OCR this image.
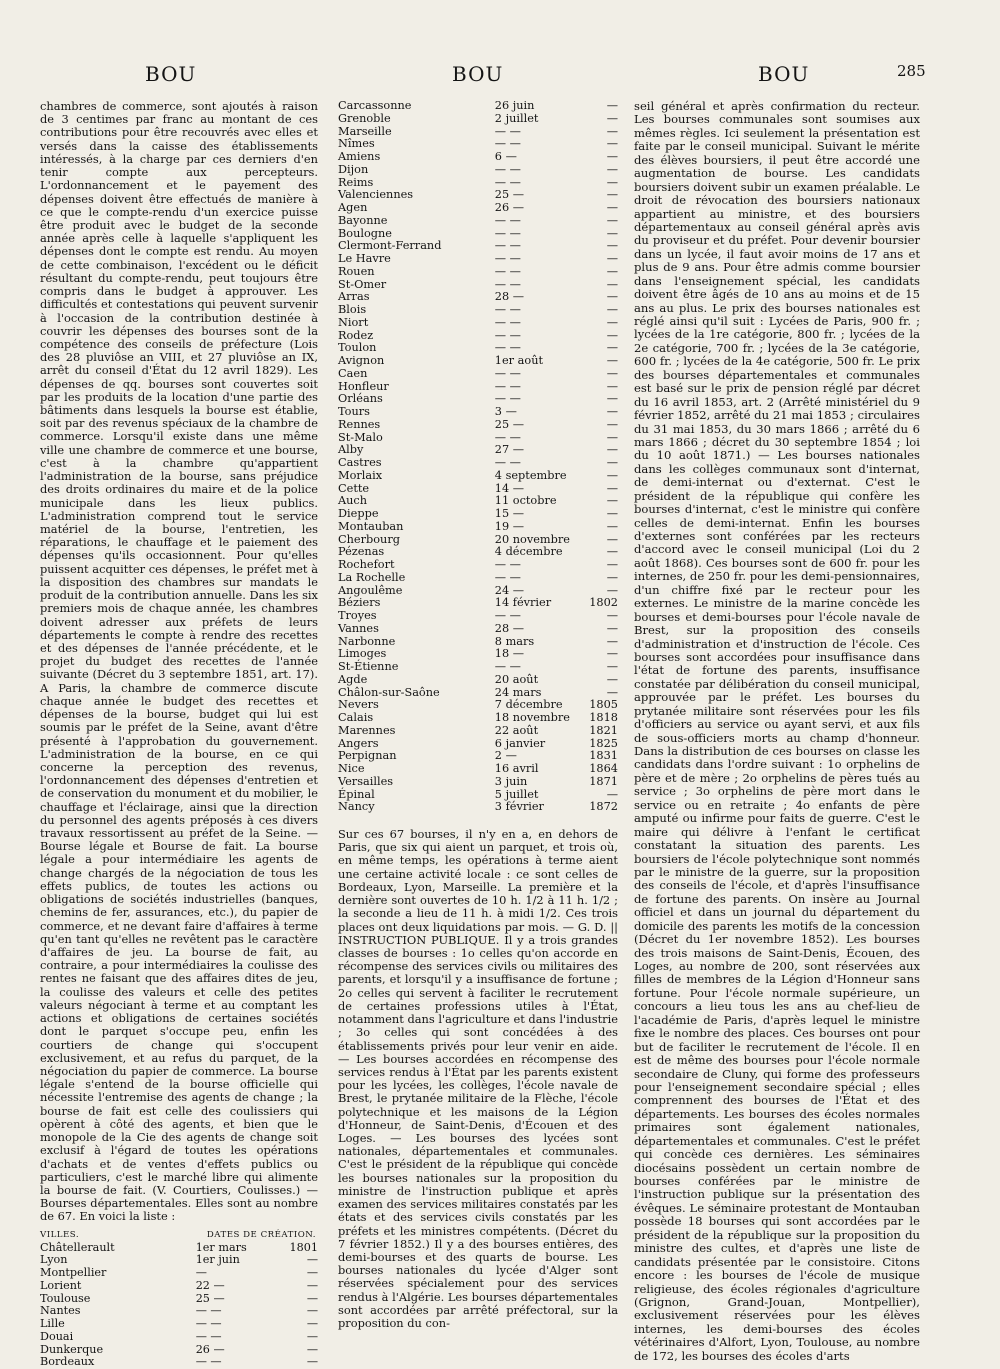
BOU	BOU	BOU	285

chambres de commerce, sont ajoutés à raison de 3 centimes par franc au montant de ces contributions pour être recouvrés avec elles et versés dans la caisse des établissements intéressés, à la charge par ces derniers d'en tenir compte aux percepteurs. L'ordonnancement et le payement des dépenses doivent être effectués de manière à ce que le compte-rendu d'un exercice puisse être produit avec le budget de la seconde année après celle à laquelle s'appliquent les dépenses dont le compte est rendu. Au moyen de cette combinaison, l'excédent ou le déficit résultant du compte-rendu, peut toujours être compris dans le budget à approuver. Les difficultés et contestations qui peuvent survenir à l'occasion de la contribution destinée à couvrir les dépenses des bourses sont de la compétence des conseils de préfecture (Lois des 28 pluviôse an VIII, et 27 pluviôse an IX, arrêt du conseil d'État du 12 avril 1829). Les dépenses de qq. bourses sont couvertes soit par les produits de la location d'une partie des bâtiments dans lesquels la bourse est établie, soit par des revenus spéciaux de la chambre de commerce. Lorsqu'il existe dans une même ville une chambre de commerce et une bourse, c'est à la chambre qu'appartient l'administration de la bourse, sans préjudice des droits ordinaires du maire et de la police municipale dans les lieux publics. L'administration comprend tout le service matériel de la bourse, l'entretien, les réparations, le chauffage et le paiement des dépenses qu'ils occasionnent. Pour qu'elles puissent acquitter ces dépenses, le préfet met à la disposition des chambres sur mandats le produit de la contribution annuelle. Dans les six premiers mois de chaque année, les chambres doivent adresser aux préfets de leurs départements le compte à rendre des recettes et des dépenses de l'année précédente, et le projet du budget des recettes de l'année suivante (Décret du 3 septembre 1851, art. 17). A Paris, la chambre de commerce discute chaque année le budget des recettes et dépenses de la bourse, budget qui lui est soumis par le préfet de la Seine, avant d'être présenté à l'approbation du gouvernement. L'administration de la bourse, en ce qui concerne la perception des revenus, l'ordonnancement des dépenses d'entretien et de conservation du monument et du mobilier, le chauffage et l'éclairage, ainsi que la direction du personnel des agents préposés à ces divers travaux ressortissent au préfet de la Seine. — Bourse légale et Bourse de fait. La bourse légale a pour intermédiaire les agents de change chargés de la négociation de tous les effets publics, de toutes les actions ou obligations de sociétés industrielles (banques, chemins de fer, assurances, etc.), du papier de commerce, et ne devant faire d'affaires à terme qu'en tant qu'elles ne revêtent pas le caractère d'affaires de jeu. La bourse de fait, au contraire, a pour intermédiaires la coulisse des rentes ne faisant que des affaires dites de jeu, la coulisse des valeurs et celle des petites valeurs négociant à terme et au comptant les actions et obligations de certaines sociétés dont le parquet s'occupe peu, enfin les courtiers de change qui s'occupent exclusivement, et au refus du parquet, de la négociation du papier de commerce. La bourse légale s'entend de la bourse officielle qui nécessite l'entremise des agents de change ; la bourse de fait est celle des coulissiers qui opèrent à côté des agents, et bien que le monopole de la Cie des agents de change soit exclusif à l'égard de toutes les opérations d'achats et de ventes d'effets publics ou particuliers, c'est le marché libre qui alimente la bourse de fait. (V. Courtiers, Coulisses.) — Bourses départementales. Elles sont au nombre de 67. En voici la liste :

VILLES.	DATES DE CRÉATION.
Châtellerault	1er mars	1801
Lyon	1er juin	—
Montpellier	—	—
Lorient	22 —	—
Toulouse	25 —	—
Nantes	— —	—
Lille	— —	—
Douai	— —	—
Dunkerque	26 —	—
Bordeaux	— —	—
Carcassonne	26 juin	—
Grenoble	2 juillet	—
Marseille	— —	—
Nîmes	— —	—
Amiens	6 —	—
Dijon	— —	—
Reims	— —	—
Valenciennes	25 —	—
Agen	26 —	—
Bayonne	— —	—
Boulogne	— —	—
Clermont-Ferrand	— —	—
Le Havre	— —	—
Rouen	— —	—
St-Omer	— —	—
Arras	28 —	—
Blois	— —	—
Niort	— —	—
Rodez	— —	—
Toulon	— —	—
Avignon	1er août	—
Caen	— —	—
Honfleur	— —	—
Orléans	— —	—
Tours	3 —	—
Rennes	25 —	—
St-Malo	— —	—
Alby	27 —	—
Castres	— —	—
Morlaix	4 septembre	—
Cette	14 —	—
Auch	11 octobre	—
Dieppe	15 —	—
Montauban	19 —	—
Cherbourg	20 novembre	—
Pézenas	4 décembre	—
Rochefort	— —	—
La Rochelle	— —	—
Angoulême	24 —	—
Béziers	14 février	1802
Troyes	— —	—
Vannes	28 —	—
Narbonne	8 mars	—
Limoges	18 —	—
St-Étienne	— —	—
Agde	20 août	—
Châlon-sur-Saône	24 mars	—
Nevers	7 décembre	1805
Calais	18 novembre	1818
Marennes	22 août	1821
Angers	6 janvier	1825
Perpignan	2 —	1831
Nice	16 avril	1864
Versailles	3 juin	1871
Épinal	5 juillet	—
Nancy	3 février	1872

Sur ces 67 bourses, il n'y en a, en dehors de Paris, que six qui aient un parquet, et trois où, en même temps, les opérations à terme aient une certaine activité locale : ce sont celles de Bordeaux, Lyon, Marseille. La première et la dernière sont ouvertes de 10 h. 1/2 à 11 h. 1/2 ; la seconde a lieu de 11 h. à midi 1/2. Ces trois places ont deux liquidations par mois. — G. D. || INSTRUCTION PUBLIQUE. Il y a trois grandes classes de bourses : 1o celles qu'on accorde en récompense des services civils ou militaires des parents, et lorsqu'il y a insuffisance de fortune ; 2o celles qui servent à faciliter le recrutement de certaines professions utiles à l'État, notamment dans l'agriculture et dans l'industrie ; 3o celles qui sont concédées à des établissements privés pour leur venir en aide. — Les bourses accordées en récompense des services rendus à l'État par les parents existent pour les lycées, les collèges, l'école navale de Brest, le prytanée militaire de la Flèche, l'école polytechnique et les maisons de la Légion d'Honneur, de Saint-Denis, d'Écouen et des Loges. — Les bourses des lycées sont nationales, départementales et communales. C'est le président de la république qui concède les bourses nationales sur la proposition du ministre de l'instruction publique et après examen des services militaires constatés par les états et des services civils constatés par les préfets et les ministres compétents. (Décret du 7 février 1852.) Il y a des bourses entières, des demi-bourses et des quarts de bourse. Les bourses nationales du lycée d'Alger sont réservées spécialement pour des services rendus à l'Algérie. Les bourses départementales sont accordées par arrêté préfectoral, sur la proposition du con-

seil général et après confirmation du recteur. Les bourses communales sont soumises aux mêmes règles. Ici seulement la présentation est faite par le conseil municipal. Suivant le mérite des élèves boursiers, il peut être accordé une augmentation de bourse. Les candidats boursiers doivent subir un examen préalable. Le droit de révocation des boursiers nationaux appartient au ministre, et des boursiers départementaux au conseil général après avis du proviseur et du préfet. Pour devenir boursier dans un lycée, il faut avoir moins de 17 ans et plus de 9 ans. Pour être admis comme boursier dans l'enseignement spécial, les candidats doivent être âgés de 10 ans au moins et de 15 ans au plus. Le prix des bourses nationales est réglé ainsi qu'il suit : Lycées de Paris, 900 fr. ; lycées de la 1re catégorie, 800 fr. ; lycées de la 2e catégorie, 700 fr. ; lycées de la 3e catégorie, 600 fr. ; lycées de la 4e catégorie, 500 fr. Le prix des bourses départementales et communales est basé sur le prix de pension réglé par décret du 16 avril 1853, art. 2 (Arrêté ministériel du 9 février 1852, arrêté du 21 mai 1853 ; circulaires du 31 mai 1853, du 30 mars 1866 ; arrêté du 6 mars 1866 ; décret du 30 septembre 1854 ; loi du 10 août 1871.) — Les bourses nationales dans les collèges communaux sont d'internat, de demi-internat ou d'externat. C'est le président de la république qui confère les bourses d'internat, c'est le ministre qui confère celles de demi-internat. Enfin les bourses d'externes sont conférées par les recteurs d'accord avec le conseil municipal (Loi du 2 août 1868). Ces bourses sont de 600 fr. pour les internes, de 250 fr. pour les demi-pensionnaires, d'un chiffre fixé par le recteur pour les externes. Le ministre de la marine concède les bourses et demi-bourses pour l'école navale de Brest, sur la proposition des conseils d'administration et d'instruction de l'école. Ces bourses sont accordées pour insuffisance dans l'état de fortune des parents, insuffisance constatée par délibération du conseil municipal, approuvée par le préfet. Les bourses du prytanée militaire sont réservées pour les fils d'officiers au service ou ayant servi, et aux fils de sous-officiers morts au champ d'honneur. Dans la distribution de ces bourses on classe les candidats dans l'ordre suivant : 1o orphelins de père et de mère ; 2o orphelins de pères tués au service ; 3o orphelins de père mort dans le service ou en retraite ; 4o enfants de père amputé ou infirme pour faits de guerre. C'est le maire qui délivre à l'enfant le certificat constatant la situation des parents. Les boursiers de l'école polytechnique sont nommés par le ministre de la guerre, sur la proposition des conseils de l'école, et d'après l'insuffisance de fortune des parents. On insère au Journal officiel et dans un journal du département du domicile des parents les motifs de la concession (Décret du 1er novembre 1852). Les bourses des trois maisons de Saint-Denis, Écouen, des Loges, au nombre de 200, sont réservées aux filles de membres de la Légion d'Honneur sans fortune. Pour l'école normale supérieure, un concours a lieu tous les ans au chef-lieu de l'académie de Paris, d'après lequel le ministre fixe le nombre des places. Ces bourses ont pour but de faciliter le recrutement de l'école. Il en est de même des bourses pour l'école normale secondaire de Cluny, qui forme des professeurs pour l'enseignement secondaire spécial ; elles comprennent des bourses de l'État et des départements. Les bourses des écoles normales primaires sont également nationales, départementales et communales. C'est le préfet qui concède ces dernières. Les séminaires diocésains possèdent un certain nombre de bourses conférées par le ministre de l'instruction publique sur la présentation des évêques. Le séminaire protestant de Montauban possède 18 bourses qui sont accordées par le président de la république sur la proposition du ministre des cultes, et d'après une liste de candidats présentée par le consistoire. Citons encore : les bourses de l'école de musique religieuse, des écoles régionales d'agriculture (Grignon, Grand-Jouan, Montpellier), exclusivement réservées pour les élèves internes, les demi-bourses des écoles vétérinaires d'Alfort, Lyon, Toulouse, au nombre de 172, les bourses des écoles d'arts
